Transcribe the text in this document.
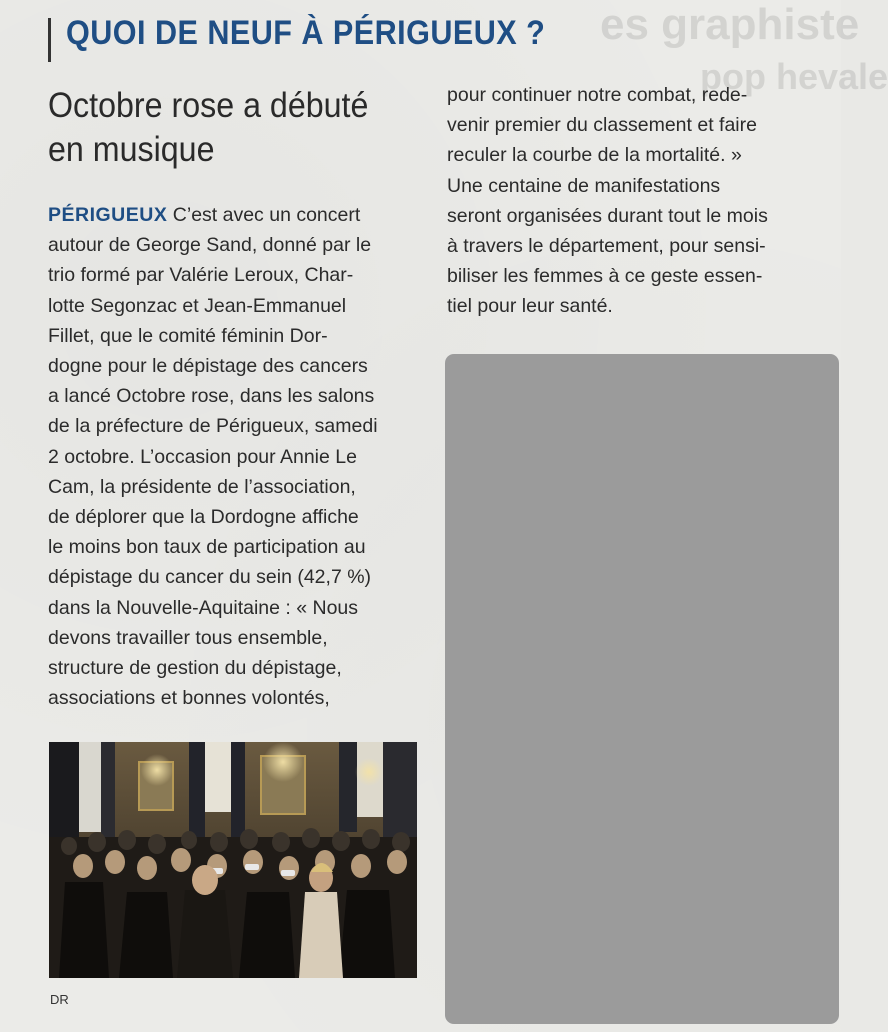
es graphiste
pop hevale
QUOI DE NEUF À PÉRIGUEUX ?
Octobre rose a débuté
en musique
PÉRIGUEUX C’est avec un concert
autour de George Sand, donné par le
trio formé par Valérie Leroux, Char-
lotte Segonzac et Jean-Emmanuel
Fillet, que le comité féminin Dor-
dogne pour le dépistage des cancers
a lancé Octobre rose, dans les salons
de la préfecture de Périgueux, samedi
2 octobre. L’occasion pour Annie Le
Cam, la présidente de l’association,
de déplorer que la Dordogne affiche
le moins bon taux de participation au
dépistage du cancer du sein (42,7 %)
dans la Nouvelle-Aquitaine : « Nous
devons travailler tous ensemble,
structure de gestion du dépistage,
associations et bonnes volontés,
pour continuer notre combat, rede-
venir premier du classement et faire
reculer la courbe de la mortalité. »
Une centaine de manifestations
seront organisées durant tout le mois
à travers le département, pour sensi-
biliser les femmes à ce geste essen-
tiel pour leur santé.
DR
